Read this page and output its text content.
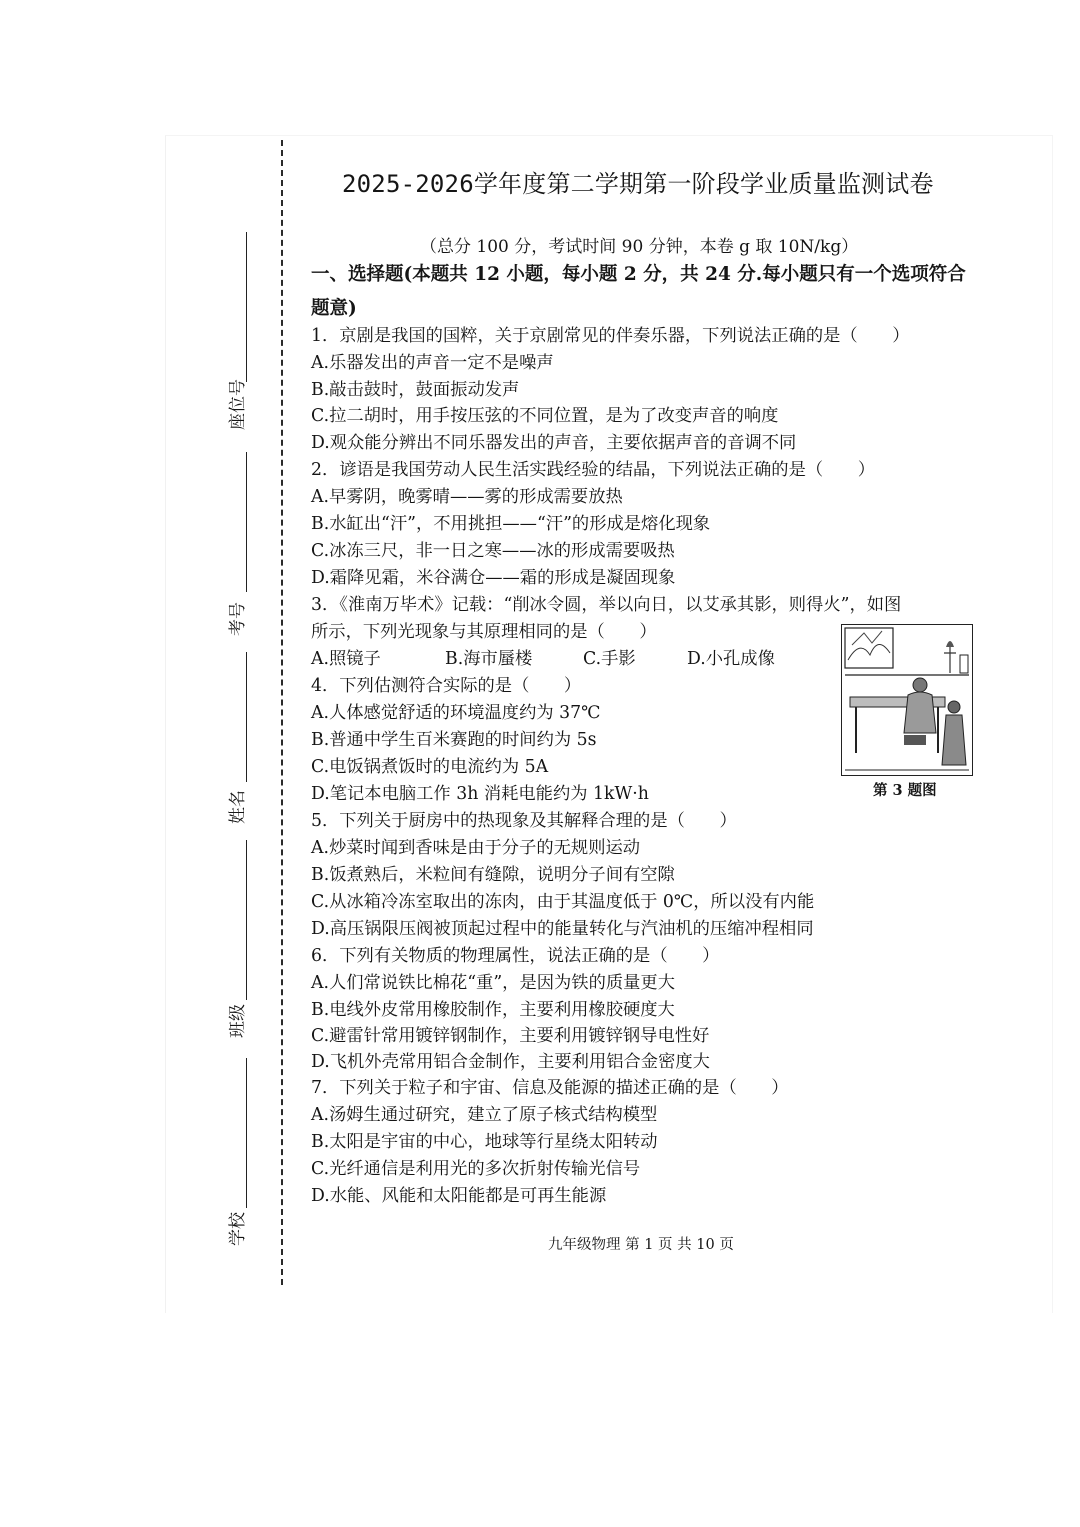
座位号
考号
姓名
班级
学校
2025-2026学年度第二学期第一阶段学业质量监测试卷
（总分 100 分，考试时间 90 分钟，本卷 g 取 10N/kg）
一、选择题(本题共 12 小题，每小题 2 分，共 24 分.每小题只有一个选项符合
题意)
1．京剧是我国的国粹，关于京剧常见的伴奏乐器，下列说法正确的是（　　）
A.乐器发出的声音一定不是噪声
B.敲击鼓时，鼓面振动发声
C.拉二胡时，用手按压弦的不同位置，是为了改变声音的响度
D.观众能分辨出不同乐器发出的声音，主要依据声音的音调不同
2．谚语是我国劳动人民生活实践经验的结晶，下列说法正确的是（　　）
A.早雾阴，晚雾晴——雾的形成需要放热
B.水缸出“汗”，不用挑担——“汗”的形成是熔化现象
C.冰冻三尺，非一日之寒——冰的形成需要吸热
D.霜降见霜，米谷满仓——霜的形成是凝固现象
3．《淮南万毕术》记载：“削冰令圆，举以向日，以艾承其影，则得火”，如图
所示，下列光现象与其原理相同的是（　　）
A.照镜子	B.海市蜃楼	C.手影	D.小孔成像
第 3 题图
4．下列估测符合实际的是（　　）
A.人体感觉舒适的环境温度约为 37℃
B.普通中学生百米赛跑的时间约为 5s
C.电饭锅煮饭时的电流约为 5A
D.笔记本电脑工作 3h 消耗电能约为 1kW·h
5．下列关于厨房中的热现象及其解释合理的是（　　）
A.炒菜时闻到香味是由于分子的无规则运动
B.饭煮熟后，米粒间有缝隙，说明分子间有空隙
C.从冰箱冷冻室取出的冻肉，由于其温度低于 0℃，所以没有内能
D.高压锅限压阀被顶起过程中的能量转化与汽油机的压缩冲程相同
6．下列有关物质的物理属性，说法正确的是（　　）
A.人们常说铁比棉花“重”，是因为铁的质量更大
B.电线外皮常用橡胶制作，主要利用橡胶硬度大
C.避雷针常用镀锌钢制作，主要利用镀锌钢导电性好
D.飞机外壳常用铝合金制作，主要利用铝合金密度大
7．下列关于粒子和宇宙、信息及能源的描述正确的是（　　）
A.汤姆生通过研究，建立了原子核式结构模型
B.太阳是宇宙的中心，地球等行星绕太阳转动
C.光纤通信是利用光的多次折射传输光信号
D.水能、风能和太阳能都是可再生能源
九年级物理 第 1 页 共 10 页
